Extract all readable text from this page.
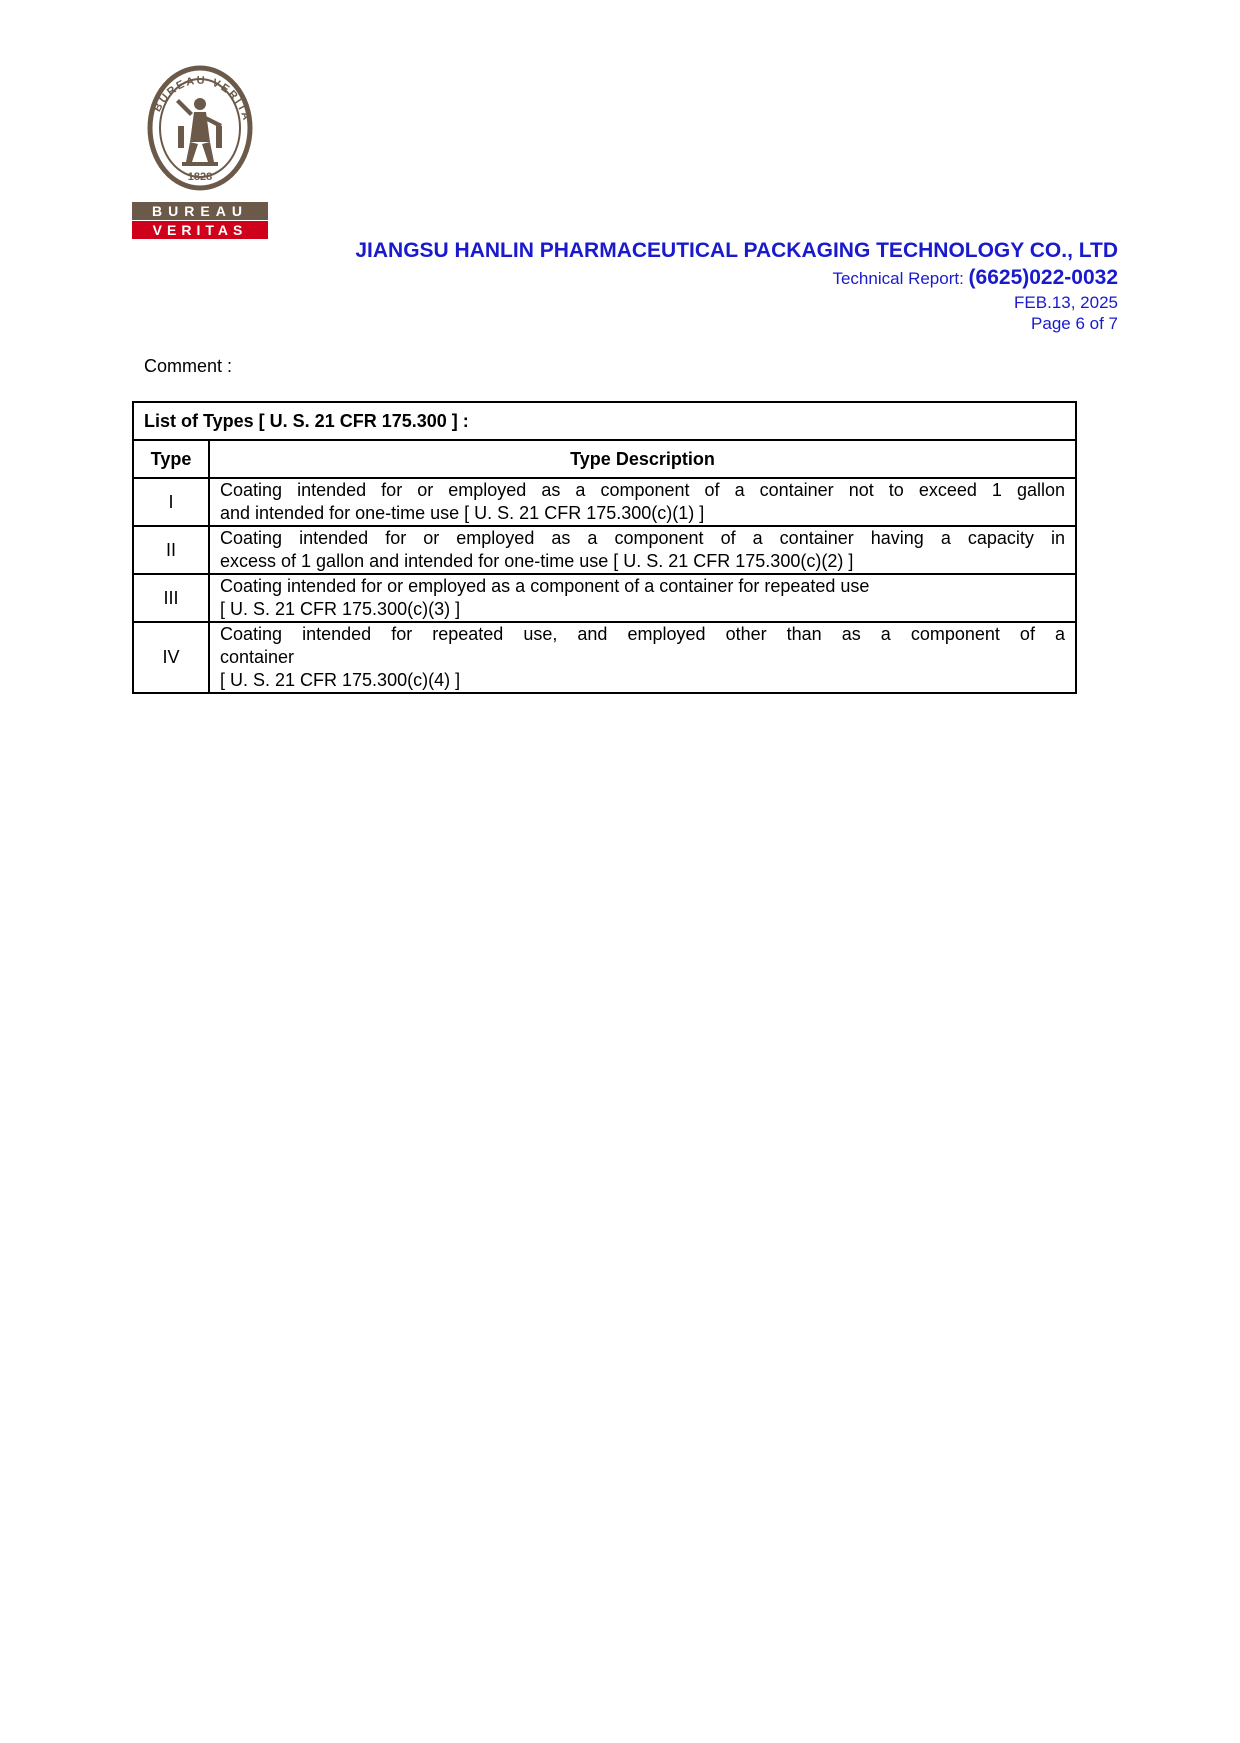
BUREAU VERITA
1828
BUREAU
VERITAS
JIANGSU HANLIN PHARMACEUTICAL PACKAGING TECHNOLOGY CO., LTD
Technical Report: (6625)022-0032
FEB.13, 2025
Page 6 of 7
Comment :
List of Types [ U. S. 21 CFR 175.300 ] :	
Type	Type Description
I	Coating intended for or employed as a component of a container not to exceed 1 gallon
and intended for one-time use [ U. S. 21 CFR 175.300(c)(1) ]

II	Coating intended for or employed as a component of a container having a capacity in
excess of 1 gallon and intended for one-time use [ U. S. 21 CFR 175.300(c)(2) ]

III	Coating intended for or employed as a component of a container for repeated use
[ U. S. 21 CFR 175.300(c)(3) ]

IV	Coating intended for repeated use, and employed other than as a component of a
container
[ U. S. 21 CFR 175.300(c)(4) ]
